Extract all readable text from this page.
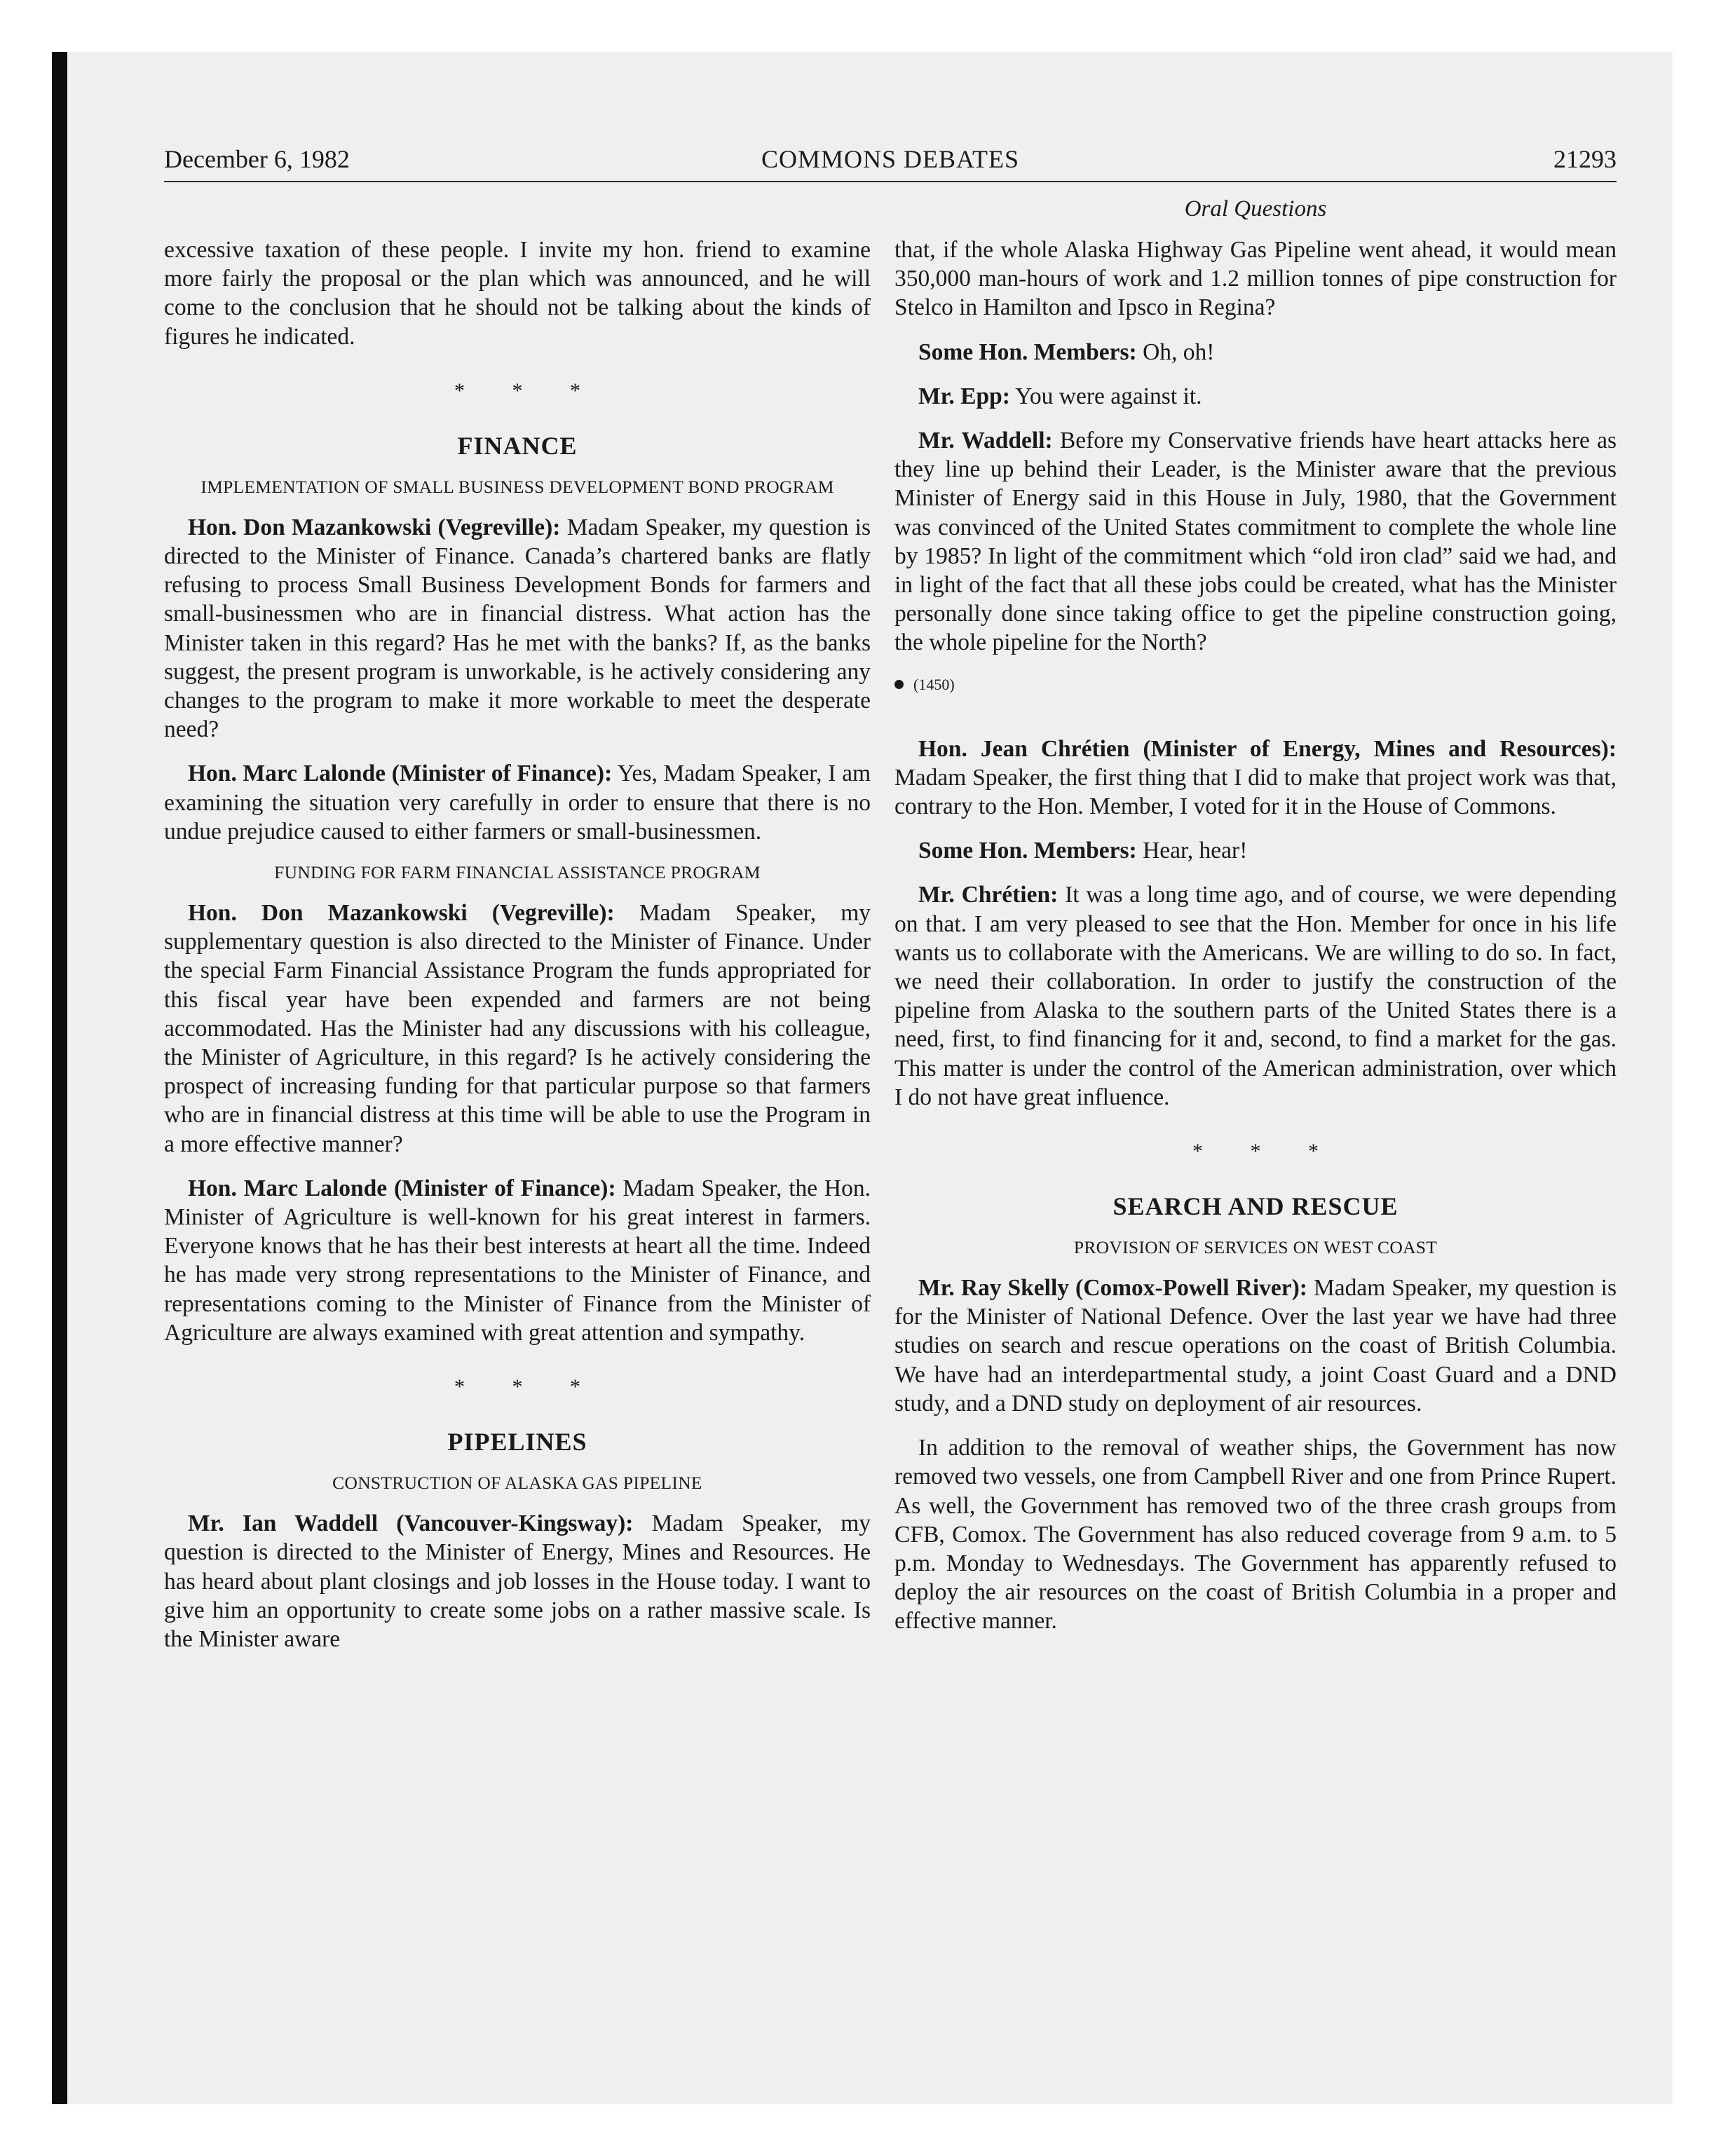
December 6, 1982	COMMONS DEBATES	21293
Oral Questions

excessive taxation of these people. I invite my hon. friend to examine more fairly the proposal or the plan which was announced, and he will come to the conclusion that he should not be talking about the kinds of figures he indicated.

* * *
FINANCE
IMPLEMENTATION OF SMALL BUSINESS DEVELOPMENT BOND PROGRAM

Hon. Don Mazankowski (Vegreville): Madam Speaker, my question is directed to the Minister of Finance. Canada’s chartered banks are flatly refusing to process Small Business Development Bonds for farmers and small-businessmen who are in financial distress. What action has the Minister taken in this regard? Has he met with the banks? If, as the banks suggest, the present program is unworkable, is he actively considering any changes to the program to make it more workable to meet the desperate need?

Hon. Marc Lalonde (Minister of Finance): Yes, Madam Speaker, I am examining the situation very carefully in order to ensure that there is no undue prejudice caused to either farmers or small-businessmen.

FUNDING FOR FARM FINANCIAL ASSISTANCE PROGRAM

Hon. Don Mazankowski (Vegreville): Madam Speaker, my supplementary question is also directed to the Minister of Finance. Under the special Farm Financial Assistance Program the funds appropriated for this fiscal year have been expended and farmers are not being accommodated. Has the Minister had any discussions with his colleague, the Minister of Agriculture, in this regard? Is he actively considering the prospect of increasing funding for that particular purpose so that farmers who are in financial distress at this time will be able to use the Program in a more effective manner?

Hon. Marc Lalonde (Minister of Finance): Madam Speaker, the Hon. Minister of Agriculture is well-known for his great interest in farmers. Everyone knows that he has their best interests at heart all the time. Indeed he has made very strong representations to the Minister of Finance, and representations coming to the Minister of Finance from the Minister of Agriculture are always examined with great attention and sympathy.

* * *
PIPELINES
CONSTRUCTION OF ALASKA GAS PIPELINE

Mr. Ian Waddell (Vancouver-Kingsway): Madam Speaker, my question is directed to the Minister of Energy, Mines and Resources. He has heard about plant closings and job losses in the House today. I want to give him an opportunity to create some jobs on a rather massive scale. Is the Minister aware

that, if the whole Alaska Highway Gas Pipeline went ahead, it would mean 350,000 man-hours of work and 1.2 million tonnes of pipe construction for Stelco in Hamilton and Ipsco in Regina?

Some Hon. Members: Oh, oh!

Mr. Epp: You were against it.

Mr. Waddell: Before my Conservative friends have heart attacks here as they line up behind their Leader, is the Minister aware that the previous Minister of Energy said in this House in July, 1980, that the Government was convinced of the United States commitment to complete the whole line by 1985? In light of the commitment which “old iron clad” said we had, and in light of the fact that all these jobs could be created, what has the Minister personally done since taking office to get the pipeline construction going, the whole pipeline for the North?

(1450)

Hon. Jean Chrétien (Minister of Energy, Mines and Resources): Madam Speaker, the first thing that I did to make that project work was that, contrary to the Hon. Member, I voted for it in the House of Commons.

Some Hon. Members: Hear, hear!

Mr. Chrétien: It was a long time ago, and of course, we were depending on that. I am very pleased to see that the Hon. Member for once in his life wants us to collaborate with the Americans. We are willing to do so. In fact, we need their collaboration. In order to justify the construction of the pipeline from Alaska to the southern parts of the United States there is a need, first, to find financing for it and, second, to find a market for the gas. This matter is under the control of the American administration, over which I do not have great influence.

* * *
SEARCH AND RESCUE
PROVISION OF SERVICES ON WEST COAST

Mr. Ray Skelly (Comox-Powell River): Madam Speaker, my question is for the Minister of National Defence. Over the last year we have had three studies on search and rescue operations on the coast of British Columbia. We have had an interdepartmental study, a joint Coast Guard and a DND study, and a DND study on deployment of air resources.

In addition to the removal of weather ships, the Government has now removed two vessels, one from Campbell River and one from Prince Rupert. As well, the Government has removed two of the three crash groups from CFB, Comox. The Government has also reduced coverage from 9 a.m. to 5 p.m. Monday to Wednesdays. The Government has apparently refused to deploy the air resources on the coast of British Columbia in a proper and effective manner.
